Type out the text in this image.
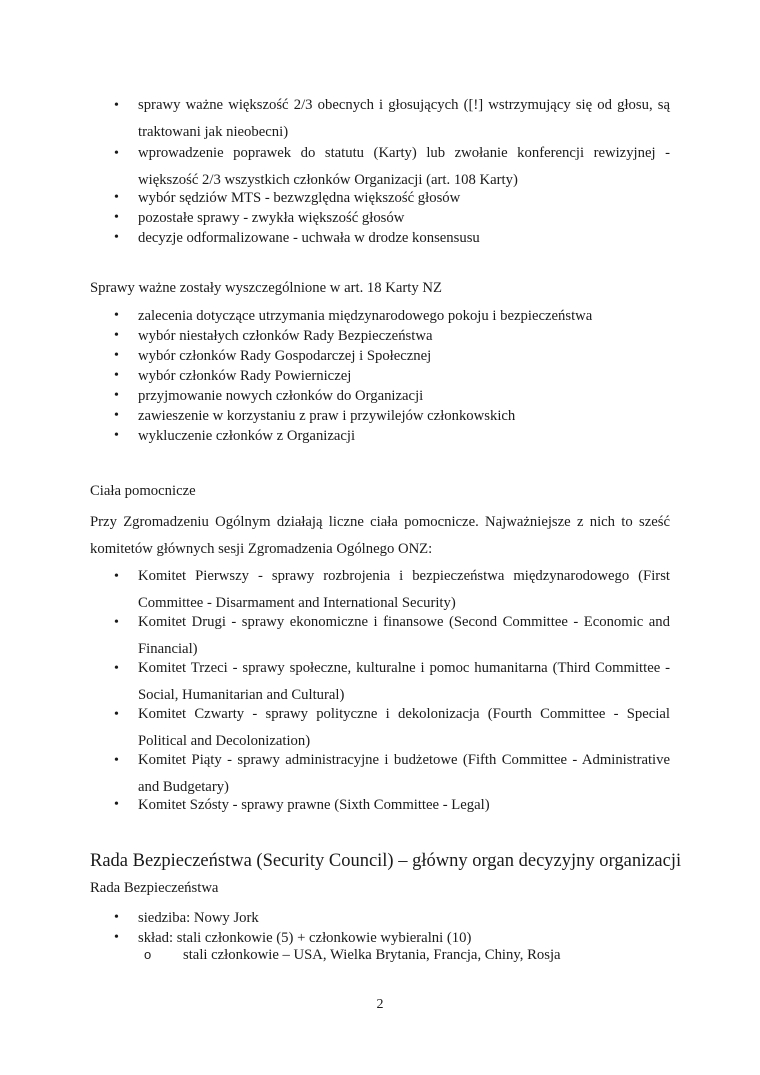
•	sprawy ważne większość 2/3 obecnych i głosujących ([!] wstrzymujący się od głosu, są traktowani jak nieobecni)
•	wprowadzenie poprawek do statutu (Karty) lub zwołanie konferencji rewizyjnej - większość 2/3 wszystkich członków Organizacji (art. 108 Karty)
•	wybór sędziów MTS - bezwzględna większość głosów
•	pozostałe sprawy - zwykła większość głosów
•	decyzje odformalizowane - uchwała w drodze konsensusu

Sprawy ważne zostały wyszczególnione w art. 18 Karty NZ

•	zalecenia dotyczące utrzymania międzynarodowego pokoju i bezpieczeństwa
•	wybór niestałych członków Rady Bezpieczeństwa
•	wybór członków Rady Gospodarczej i Społecznej
•	wybór członków Rady Powierniczej
•	przyjmowanie nowych członków do Organizacji
•	zawieszenie w korzystaniu z praw i przywilejów członkowskich
•	wykluczenie członków z Organizacji

Ciała pomocnicze

Przy Zgromadzeniu Ogólnym działają liczne ciała pomocnicze. Najważniejsze z nich to sześć komitetów głównych sesji Zgromadzenia Ogólnego ONZ:

•	Komitet Pierwszy - sprawy rozbrojenia i bezpieczeństwa międzynarodowego (First Committee - Disarmament and International Security)
•	Komitet Drugi - sprawy ekonomiczne i finansowe (Second Committee - Economic and Financial)
•	Komitet Trzeci - sprawy społeczne, kulturalne i pomoc humanitarna (Third Committee - Social, Humanitarian and Cultural)
•	Komitet Czwarty - sprawy polityczne i dekolonizacja (Fourth Committee - Special Political and Decolonization)
•	Komitet Piąty - sprawy administracyjne i budżetowe (Fifth Committee - Administrative and Budgetary)
•	Komitet Szósty - sprawy prawne (Sixth Committee - Legal)
Rada Bezpieczeństwa (Security Council) – główny organ decyzyjny organizacji

Rada Bezpieczeństwa

•	siedziba: Nowy Jork
•	skład: stali członkowie (5) + członkowie wybieralni (10)
o stali członkowie – USA, Wielka Brytania, Francja, Chiny, Rosja
2
